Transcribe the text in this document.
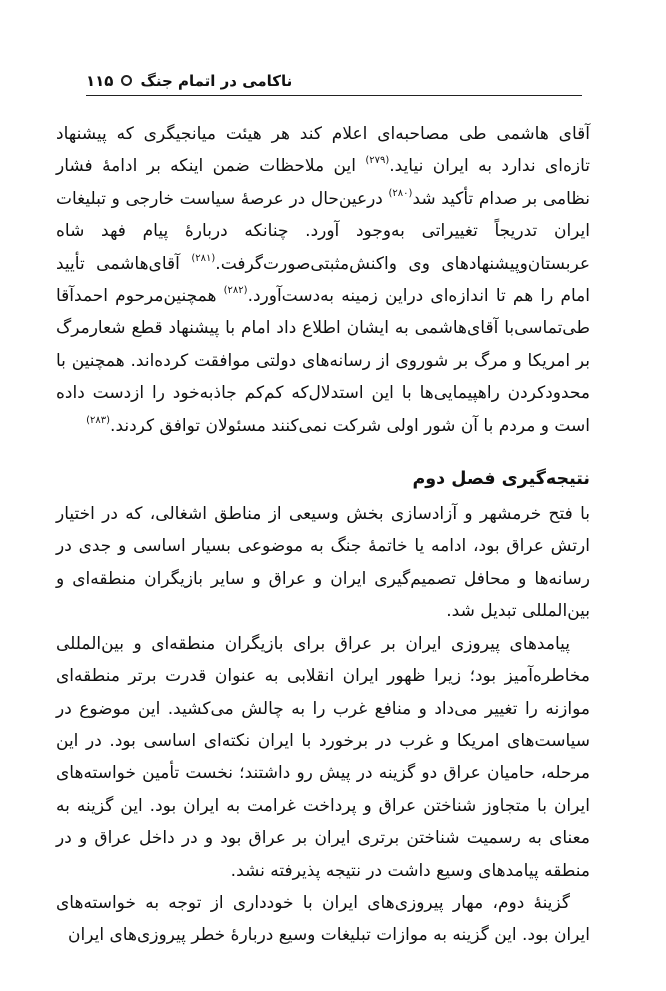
ناکامی در اتمام جنگ
۱۱۵

آقای هاشمی طی مصاحبه‌ای اعلام کند هر هیئت میانجیگری که پیشنهاد تازه‌ای ندارد به ایران نیاید.$^{(۲۷۹)}$ این ملاحظات ضمن اینکه بر ادامهٔ فشار نظامی بر صدام تأکید شد$^{(۲۸۰)}$ درعین‌حال در عرصهٔ سیاست خارجی و تبلیغات ایران تدریجاً تغییراتی به‌وجود آورد. چنانکه دربارهٔ پیام فهد شاه عربستان‌وپیشنهادهای وی واکنش‌مثبتی‌صورت‌گرفت.$^{(۲۸۱)}$ آقای‌هاشمی تأیید امام را هم تا اندازه‌ای دراین زمینه به‌دست‌آورد.$^{(۲۸۲)}$ همچنین‌مرحوم احمدآقا طی‌تماسی‌با آقای‌هاشمی به ایشان اطلاع داد امام با پیشنهاد قطع شعارمرگ بر امریکا و مرگ بر شوروی از رسانه‌های دولتی موافقت کرده‌اند. همچنین با محدودکردن راهپیمایی‌ها با این استدلال‌که کم‌کم جاذبه‌خود را ازدست داده است و مردم با آن شور اولی شرکت نمی‌کنند مسئولان توافق کردند.$^{(۲۸۳)}$

نتیجه‌گیری فصل دوم

با فتح خرمشهر و آزادسازی بخش وسیعی از مناطق اشغالی، که در اختیار ارتش عراق بود، ادامه یا خاتمهٔ جنگ به موضوعی بسیار اساسی و جدی در رسانه‌ها و محافل تصمیم‌گیری ایران و عراق و سایر بازیگران منطقه‌ای و بین‌المللی تبدیل شد.

پیامدهای پیروزی ایران بر عراق برای بازیگران منطقه‌ای و بین‌المللی مخاطره‌آمیز بود؛ زیرا ظهور ایران انقلابی به عنوان قدرت برتر منطقه‌ای موازنه را تغییر می‌داد و منافع غرب را به چالش می‌کشید. این موضوع در سیاست‌های امریکا و غرب در برخورد با ایران نکته‌ای اساسی بود. در این مرحله، حامیان عراق دو گزینه در پیش رو داشتند؛ نخست تأمین خواسته‌های ایران با متجاوز شناختن عراق و پرداخت غرامت به ایران بود. این گزینه به معنای به رسمیت شناختن برتری ایران بر عراق بود و در داخل عراق و در منطقه پیامدهای وسیع داشت در نتیجه پذیرفته نشد.

گزینهٔ دوم، مهار پیروزی‌های ایران با خودداری از توجه به خواسته‌های ایران بود. این گزینه به موازات تبلیغات وسیع دربارهٔ خطر پیروزی‌های ایران
